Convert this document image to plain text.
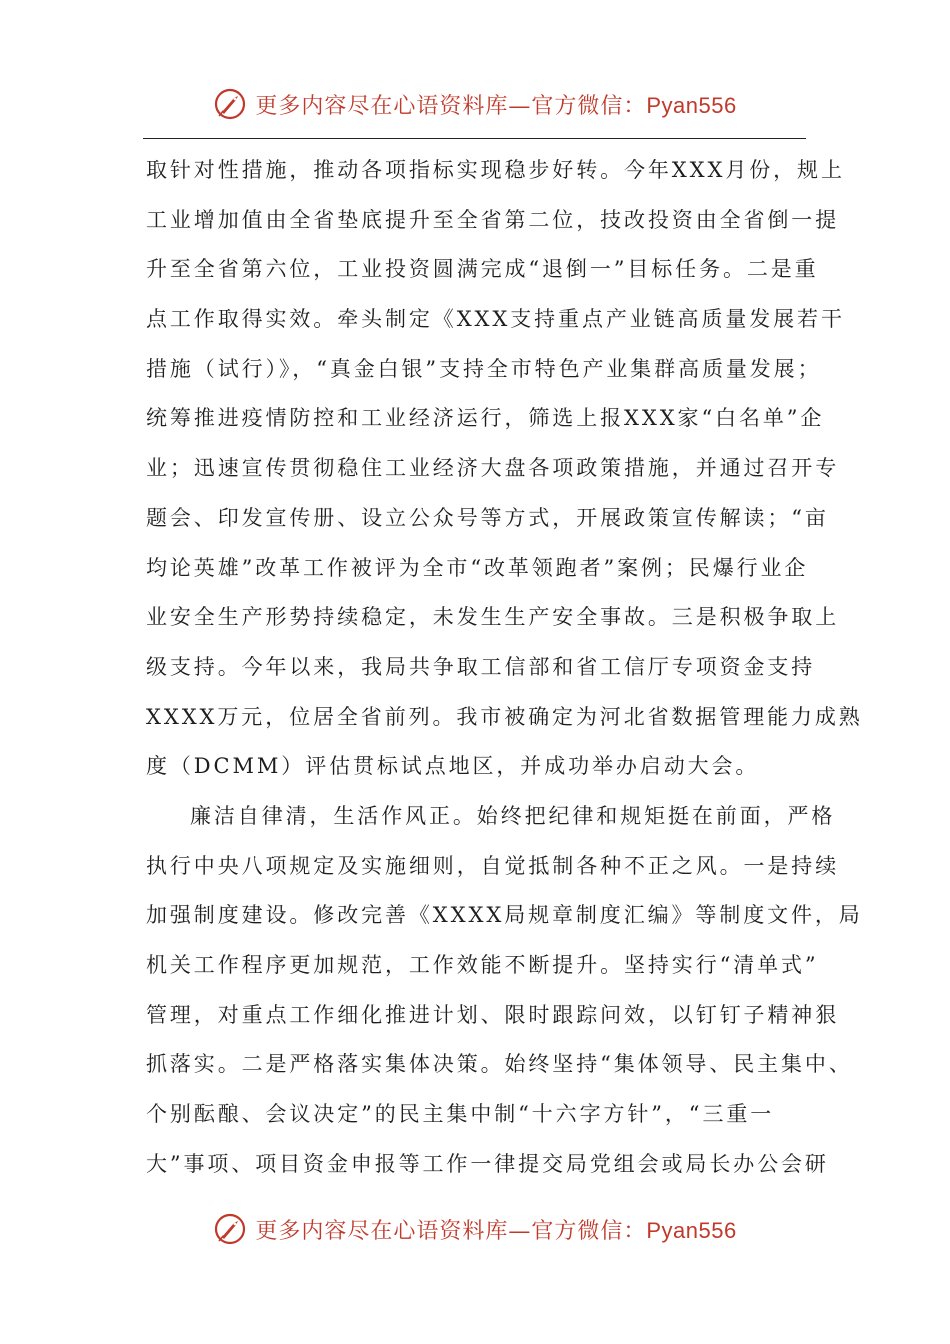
更多内容尽在心语资料库—官方微信：Pyan556
取针对性措施，推动各项指标实现稳步好转。今年XXX月份，规上
工业增加值由全省垫底提升至全省第二位，技改投资由全省倒一提
升至全省第六位，工业投资圆满完成“退倒一”目标任务。二是重
点工作取得实效。牵头制定《XXX支持重点产业链高质量发展若干
措施（试行）》，“真金白银”支持全市特色产业集群高质量发展；
统筹推进疫情防控和工业经济运行，筛选上报XXX家“白名单”企
业；迅速宣传贯彻稳住工业经济大盘各项政策措施，并通过召开专
题会、印发宣传册、设立公众号等方式，开展政策宣传解读；“亩
均论英雄”改革工作被评为全市“改革领跑者”案例；民爆行业企
业安全生产形势持续稳定，未发生生产安全事故。三是积极争取上
级支持。今年以来，我局共争取工信部和省工信厅专项资金支持
XXXX万元，位居全省前列。我市被确定为河北省数据管理能力成熟
度（DCMM）评估贯标试点地区，并成功举办启动大会。
廉洁自律清，生活作风正。始终把纪律和规矩挺在前面，严格
执行中央八项规定及实施细则，自觉抵制各种不正之风。一是持续
加强制度建设。修改完善《XXXX局规章制度汇编》等制度文件，局
机关工作程序更加规范，工作效能不断提升。坚持实行“清单式”
管理，对重点工作细化推进计划、限时跟踪问效，以钉钉子精神狠
抓落实。二是严格落实集体决策。始终坚持“集体领导、民主集中、
个别酝酿、会议决定”的民主集中制“十六字方针”，“三重一
大”事项、项目资金申报等工作一律提交局党组会或局长办公会研
更多内容尽在心语资料库—官方微信：Pyan556
